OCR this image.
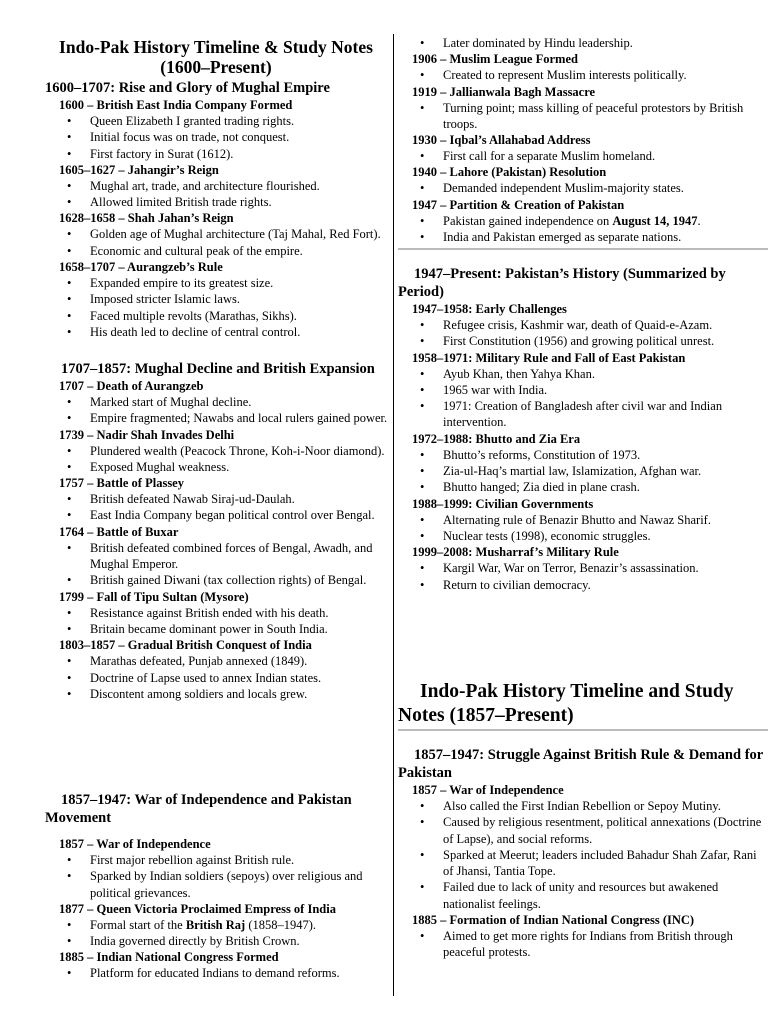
Indo-Pak History Timeline & Study Notes

(1600–Present)

1600–1707: Rise and Glory of Mughal Empire

1600 – British East India Company Formed

• Queen Elizabeth I granted trading rights.
• Initial focus was on trade, not conquest.
• First factory in Surat (1612).

1605–1627 – Jahangir’s Reign

• Mughal art, trade, and architecture flourished.
• Allowed limited British trade rights.

1628–1658 – Shah Jahan’s Reign

• Golden age of Mughal architecture (Taj Mahal, Red Fort).
• Economic and cultural peak of the empire.

1658–1707 – Aurangzeb’s Rule

• Expanded empire to its greatest size.
• Imposed stricter Islamic laws.
• Faced multiple revolts (Marathas, Sikhs).
• His death led to decline of central control.

1707–1857: Mughal Decline and British Expansion

1707 – Death of Aurangzeb

• Marked start of Mughal decline.
• Empire fragmented; Nawabs and local rulers gained power.

1739 – Nadir Shah Invades Delhi

• Plundered wealth (Peacock Throne, Koh-i-Noor diamond).
• Exposed Mughal weakness.

1757 – Battle of Plassey

• British defeated Nawab Siraj-ud-Daulah.
• East India Company began political control over Bengal.

1764 – Battle of Buxar

• British defeated combined forces of Bengal, Awadh, and Mughal Emperor.
• British gained Diwani (tax collection rights) of Bengal.

1799 – Fall of Tipu Sultan (Mysore)

• Resistance against British ended with his death.
• Britain became dominant power in South India.

1803–1857 – Gradual British Conquest of India

• Marathas defeated, Punjab annexed (1849).
• Doctrine of Lapse used to annex Indian states.
• Discontent among soldiers and locals grew.

1857–1947: War of Independence and Pakistan Movement

1857 – War of Independence

• First major rebellion against British rule.
• Sparked by Indian soldiers (sepoys) over religious and political grievances.

1877 – Queen Victoria Proclaimed Empress of India

• Formal start of the British Raj (1858–1947).
• India governed directly by British Crown.

1885 – Indian National Congress Formed

• Platform for educated Indians to demand reforms.
• Later dominated by Hindu leadership.

1906 – Muslim League Formed

• Created to represent Muslim interests politically.

1919 – Jallianwala Bagh Massacre

• Turning point; mass killing of peaceful protestors by British troops.

1930 – Iqbal’s Allahabad Address

• First call for a separate Muslim homeland.

1940 – Lahore (Pakistan) Resolution

• Demanded independent Muslim-majority states.

1947 – Partition & Creation of Pakistan

• Pakistan gained independence on August 14, 1947.
• India and Pakistan emerged as separate nations.

1947–Present: Pakistan’s History (Summarized by Period)

1947–1958: Early Challenges

• Refugee crisis, Kashmir war, death of Quaid-e-Azam.
• First Constitution (1956) and growing political unrest.

1958–1971: Military Rule and Fall of East Pakistan

• Ayub Khan, then Yahya Khan.
• 1965 war with India.
• 1971: Creation of Bangladesh after civil war and Indian intervention.

1972–1988: Bhutto and Zia Era

• Bhutto’s reforms, Constitution of 1973.
• Zia-ul-Haq’s martial law, Islamization, Afghan war.
• Bhutto hanged; Zia died in plane crash.

1988–1999: Civilian Governments

• Alternating rule of Benazir Bhutto and Nawaz Sharif.
• Nuclear tests (1998), economic struggles.

1999–2008: Musharraf’s Military Rule

• Kargil War, War on Terror, Benazir’s assassination.
• Return to civilian democracy.

Indo-Pak History Timeline and Study Notes (1857–Present)

1857–1947: Struggle Against British Rule & Demand for Pakistan

1857 – War of Independence

• Also called the First Indian Rebellion or Sepoy Mutiny.
• Caused by religious resentment, political annexations (Doctrine of Lapse), and social reforms.
• Sparked at Meerut; leaders included Bahadur Shah Zafar, Rani of Jhansi, Tantia Tope.
• Failed due to lack of unity and resources but awakened nationalist feelings.

1885 – Formation of Indian National Congress (INC)

• Aimed to get more rights for Indians from British through peaceful protests.
